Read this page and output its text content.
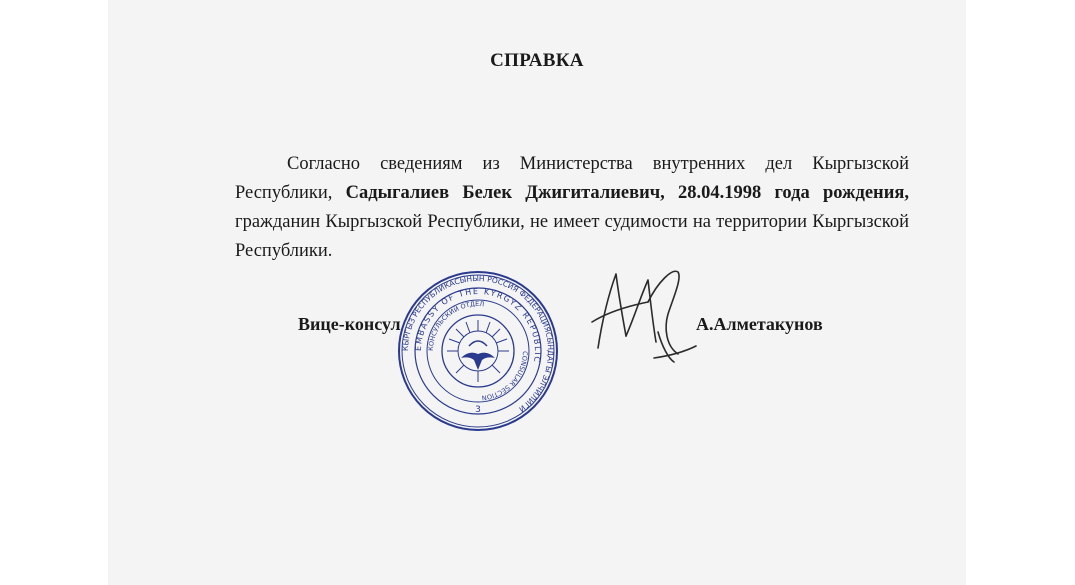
СПРАВКА

Согласно сведениям из Министерства внутренних дел Кыргызской Республики, Садыгалиев Белек Джигиталиевич, 28.04.1998 года рождения, гражданин Кыргызской Республики, не имеет судимости на территории Кыргызской Республики.

Вице-консул
КЫРГЫЗ РЕСПУБЛИКАСЫНЫН РОССИЯ ФЕДЕРАЦИЯСЫНДАГЫ ЭЛЧИЛИГИ
EMBASSY OF THE KYRGYZ REPUBLIC
КОНСУЛЬСКИЙ ОТДЕЛ
CONSULAR SECTION
3
А.Алметакунов
